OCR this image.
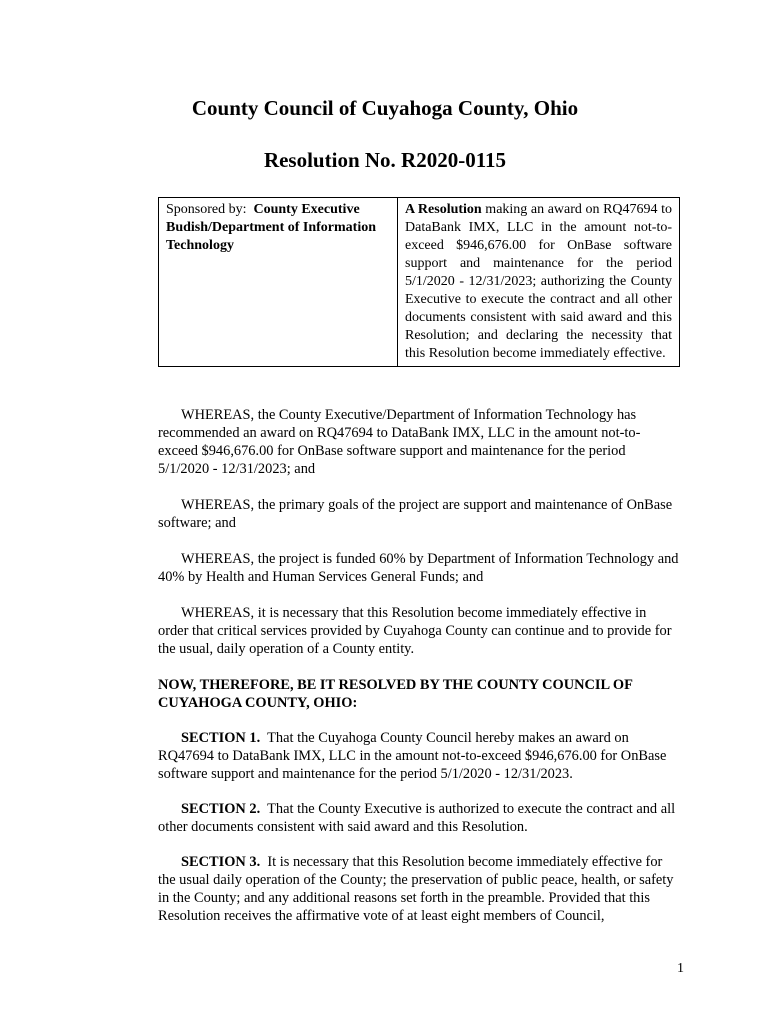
County Council of Cuyahoga County, Ohio
Resolution No. R2020-0115
Sponsored by: County Executive Budish/Department of Information Technology	A Resolution making an award on RQ47694 to DataBank IMX, LLC in the amount not-to-exceed $946,676.00 for OnBase software support and maintenance for the period 5/1/2020 - 12/31/2023; authorizing the County Executive to execute the contract and all other documents consistent with said award and this Resolution; and declaring the necessity that this Resolution become immediately effective.

WHEREAS, the County Executive/Department of Information Technology has recommended an award on RQ47694 to DataBank IMX, LLC in the amount not-to-exceed $946,676.00 for OnBase software support and maintenance for the period 5/1/2020 - 12/31/2023; and

WHEREAS, the primary goals of the project are support and maintenance of OnBase software; and

WHEREAS, the project is funded 60% by Department of Information Technology and 40% by Health and Human Services General Funds; and

WHEREAS, it is necessary that this Resolution become immediately effective in order that critical services provided by Cuyahoga County can continue and to provide for the usual, daily operation of a County entity.

NOW, THEREFORE, BE IT RESOLVED BY THE COUNTY COUNCIL OF CUYAHOGA COUNTY, OHIO:

SECTION 1. That the Cuyahoga County Council hereby makes an award on RQ47694 to DataBank IMX, LLC in the amount not-to-exceed $946,676.00 for OnBase software support and maintenance for the period 5/1/2020 - 12/31/2023.

SECTION 2. That the County Executive is authorized to execute the contract and all other documents consistent with said award and this Resolution.

SECTION 3. It is necessary that this Resolution become immediately effective for the usual daily operation of the County; the preservation of public peace, health, or safety in the County; and any additional reasons set forth in the preamble. Provided that this Resolution receives the affirmative vote of at least eight members of Council,

1
